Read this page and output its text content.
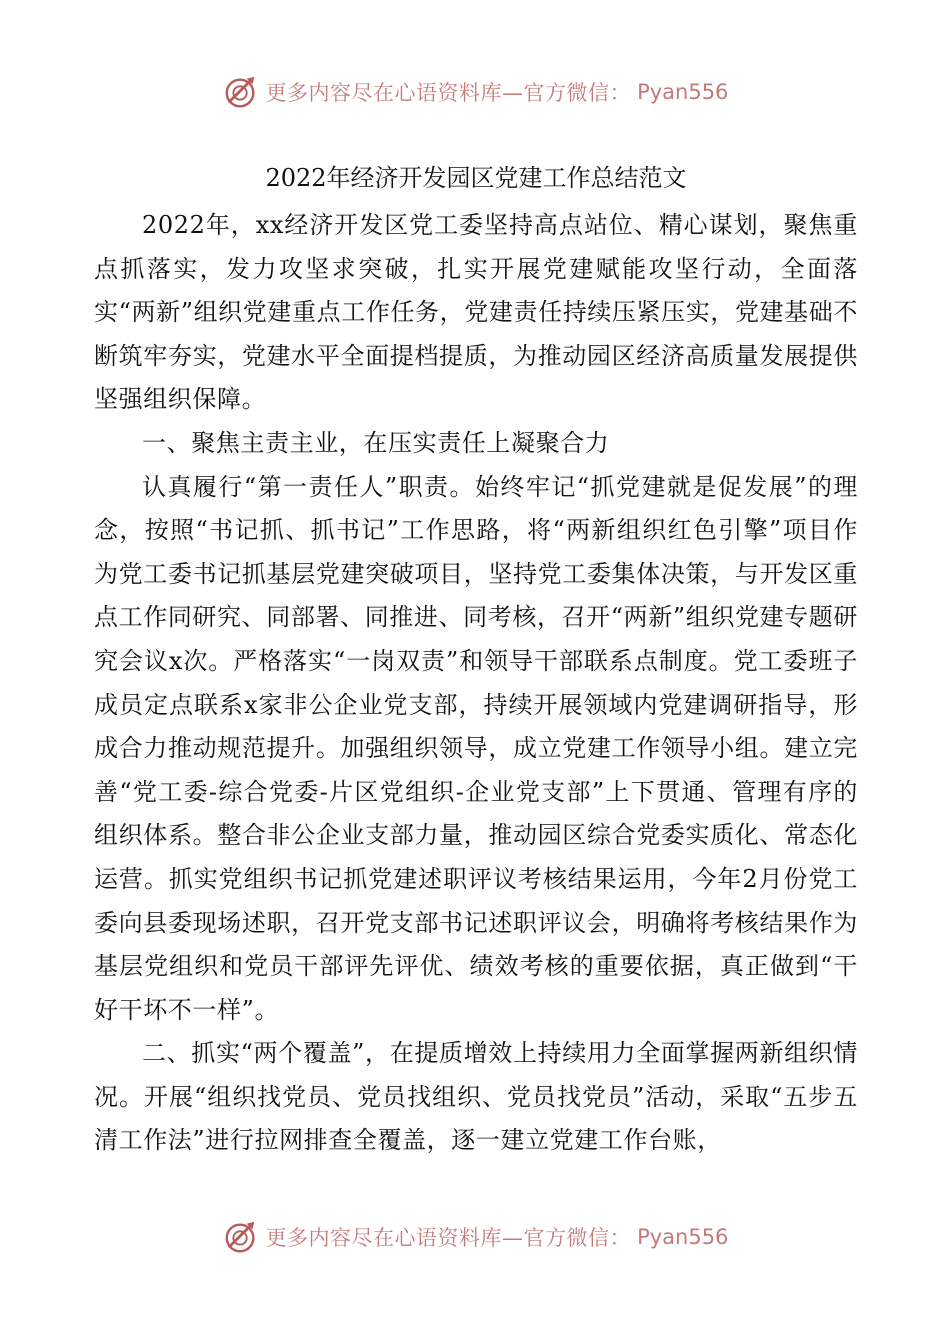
更多内容尽在心语资料库—官方微信： Pyan556
2022年经济开发园区党建工作总结范文

2022年，xx经济开发区党工委坚持高点站位、精心谋划，聚焦重点抓落实，发力攻坚求突破，扎实开展党建赋能攻坚行动，全面落实“两新”组织党建重点工作任务，党建责任持续压紧压实，党建基础不断筑牢夯实，党建水平全面提档提质，为推动园区经济高质量发展提供坚强组织保障。

一、聚焦主责主业，在压实责任上凝聚合力

认真履行“第一责任人”职责。始终牢记“抓党建就是促发展”的理念，按照“书记抓、抓书记”工作思路，将“两新组织红色引擎”项目作为党工委书记抓基层党建突破项目，坚持党工委集体决策，与开发区重点工作同研究、同部署、同推进、同考核，召开“两新”组织党建专题研究会议x次。严格落实“一岗双责”和领导干部联系点制度。党工委班子成员定点联系x家非公企业党支部，持续开展领域内党建调研指导，形成合力推动规范提升。加强组织领导，成立党建工作领导小组。建立完善“党工委-综合党委-片区党组织-企业党支部”上下贯通、管理有序的组织体系。整合非公企业支部力量，推动园区综合党委实质化、常态化运营。抓实党组织书记抓党建述职评议考核结果运用，今年2月份党工委向县委现场述职，召开党支部书记述职评议会，明确将考核结果作为基层党组织和党员干部评先评优、绩效考核的重要依据，真正做到“干好干坏不一样”。

二、抓实“两个覆盖”，在提质增效上持续用力全面掌握两新组织情况。开展“组织找党员、党员找组织、党员找党员”活动，采取“五步五清工作法”进行拉网排查全覆盖，逐一建立党建工作台账，

更多内容尽在心语资料库—官方微信： Pyan556
